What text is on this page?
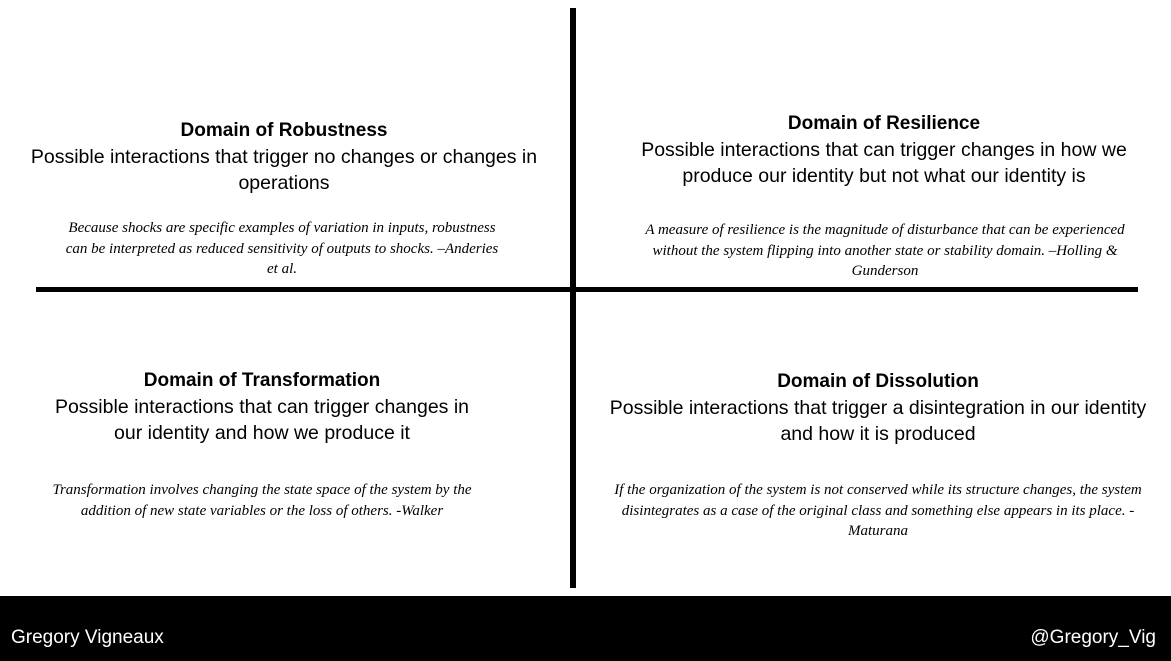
Domain of Robustness
Possible interactions that trigger no changes or changes in operations
Because shocks are specific examples of variation in inputs, robustness can be interpreted as reduced sensitivity of outputs to shocks. –Anderies et al.
Domain of Resilience
Possible interactions that can trigger changes in how we produce our identity but not what our identity is
A measure of resilience is the magnitude of disturbance that can be experienced without the system flipping into another state or stability domain. –Holling & Gunderson
Domain of Transformation
Possible interactions that can trigger changes in our identity and how we produce it
Transformation involves changing the state space of the system by the addition of new state variables or the loss of others. -Walker
Domain of Dissolution
Possible interactions that trigger a disintegration in our identity and how it is produced
If the organization of the system is not conserved while its structure changes, the system disintegrates as a case of the original class and something else appears in its place. -Maturana
Gregory Vigneaux	@Gregory_Vig
